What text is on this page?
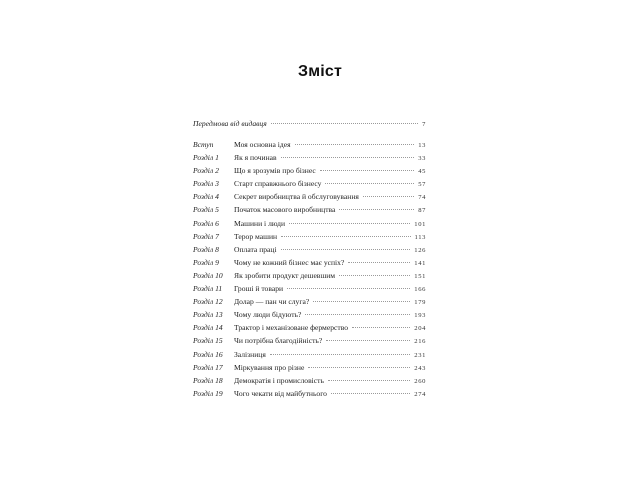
Зміст
Передмова від видавця	7
Вступ	Моя основна ідея	13
Розділ 1	Як я починав	33
Розділ 2	Що я зрозумів про бізнес	45
Розділ 3	Старт справжнього бізнесу	57
Розділ 4	Секрет виробництва й обслуговування	74
Розділ 5	Початок масового виробництва	87
Розділ 6	Машини і люди	101
Розділ 7	Терор машин	113
Розділ 8	Оплата праці	126
Розділ 9	Чому не кожний бізнес має успіх?	141
Розділ 10	Як зробити продукт дешевшим	151
Розділ 11	Гроші й товари	166
Розділ 12	Долар — пан чи слуга?	179
Розділ 13	Чому люди бідують?	193
Розділ 14	Трактор і механізоване фермерство	204
Розділ 15	Чи потрібна благодійність?	216
Розділ 16	Залізниця	231
Розділ 17	Міркування про різне	243
Розділ 18	Демократія і промисловість	260
Розділ 19	Чого чекати від майбутнього	274
